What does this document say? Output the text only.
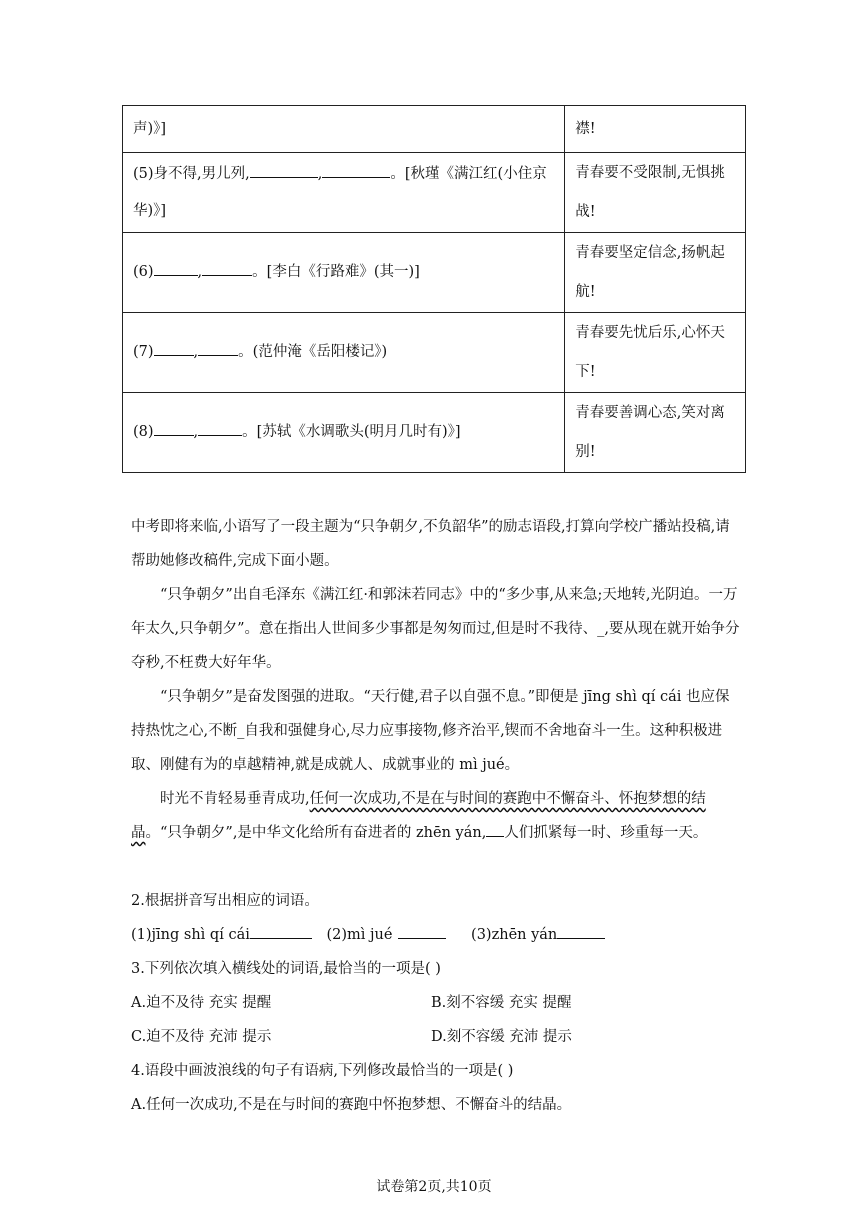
声)》]	襟!
(5)身不得,男儿列, , 。[秋瑾《满江红(小住京华)》]	青春要不受限制,无惧挑战!
(6) , 。[李白《行路难》(其一)]	青春要坚定信念,扬帆起航!
(7) , 。(范仲淹《岳阳楼记》)	青春要先忧后乐,心怀天下!
(8) , 。[苏轼《水调歌头(明月几时有)》]	青春要善调心态,笑对离别!
中考即将来临,小语写了一段主题为“只争朝夕,不负韶华”的励志语段,打算向学校广播站投稿,请帮助她修改稿件,完成下面小题。
“只争朝夕”出自毛泽东《满江红·和郭沫若同志》中的“多少事,从来急;天地转,光阴迫。一万年太久,只争朝夕”。意在指出人世间多少事都是匆匆而过,但是时不我待、_,要从现在就开始争分夺秒,不枉费大好年华。
“只争朝夕”是奋发图强的进取。“天行健,君子以自强不息。”即便是 jīng shì qí cái 也应保持热忱之心,不断_自我和强健身心,尽力应事接物,修齐治平,锲而不舍地奋斗一生。这种积极进取、刚健有为的卓越精神,就是成就人、成就事业的 mì jué。
时光不肯轻易垂青成功,任何一次成功,不是在与时间的赛跑中不懈奋斗、怀抱梦想的结晶。“只争朝夕”,是中华文化给所有奋进者的 zhēn yán, 人们抓紧每一时、珍重每一天。
2.根据拼音写出相应的词语。
(1)jīng shì qí cái	(2)mì jué	(3)zhēn yán
3.下列依次填入横线处的词语,最恰当的一项是( )
A.迫不及待 充实 提醒	B.刻不容缓 充实 提醒
C.迫不及待 充沛 提示	D.刻不容缓 充沛 提示
4.语段中画波浪线的句子有语病,下列修改最恰当的一项是( )
A.任何一次成功,不是在与时间的赛跑中怀抱梦想、不懈奋斗的结晶。
试卷第2页,共10页
